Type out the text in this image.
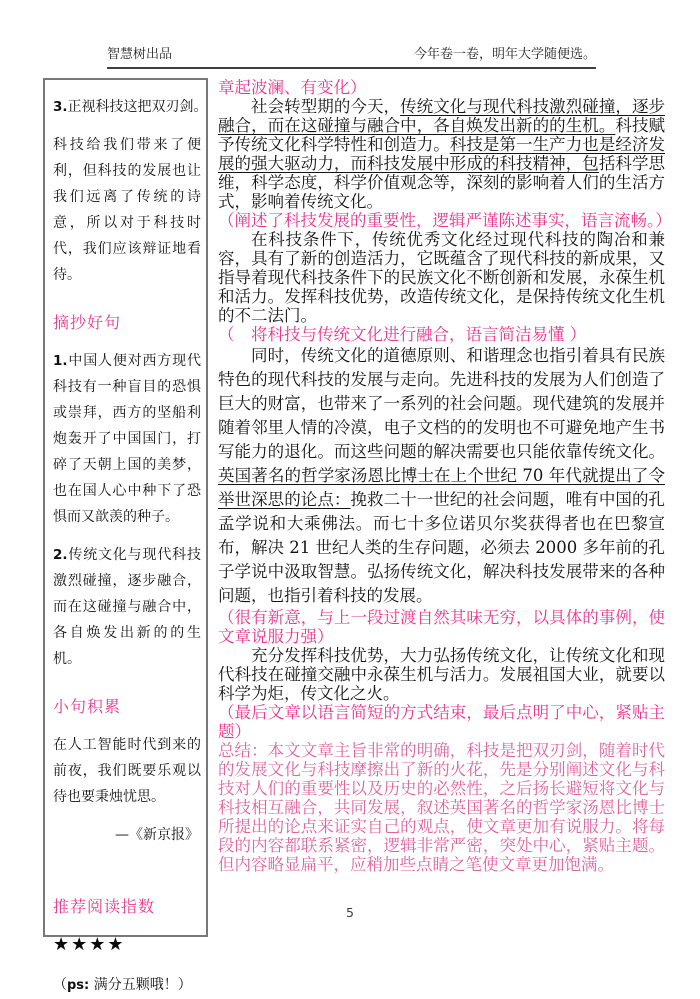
智慧树出品	今年卷一卷，明年大学随便选。

3.正视科技这把双刃剑。

科技给我们带来了便利，但科技的发展也让我们远离了传统的诗意，所以对于科技时代，我们应该辩证地看待。

摘抄好句

1.中国人便对西方现代科技有一种盲目的恐惧或崇拜，西方的坚船利炮轰开了中国国门，打碎了天朝上国的美梦，也在国人心中种下了恐惧而又歆羡的种子。

2.传统文化与现代科技激烈碰撞，逐步融合，而在这碰撞与融合中，各自焕发出新的的生机。

小句积累

在人工智能时代到来的前夜，我们既要乐观以待也要秉烛忧思。

—《新京报》

推荐阅读指数
★★★★

（ps: 满分五颗哦！）

章起波澜、有变化）

社会转型期的今天，传统文化与现代科技激烈碰撞，逐步融合，而在这碰撞与融合中，各自焕发出新的的生机。科技赋予传统文化科学特性和创造力。科技是第一生产力也是经济发展的强大驱动力，而科技发展中形成的科技精神，包括科学思维，科学态度，科学价值观念等，深刻的影响着人们的生活方式，影响着传统文化。

（阐述了科技发展的重要性，逻辑严谨陈述事实，语言流畅。）

在科技条件下，传统优秀文化经过现代科技的陶冶和兼容，具有了新的创造活力，它既蕴含了现代科技的新成果，又指导着现代科技条件下的民族文化不断创新和发展，永葆生机和活力。发挥科技优势，改造传统文化，是保持传统文化生机的不二法门。

（　将科技与传统文化进行融合，语言简洁易懂 ）

同时，传统文化的道德原则、和谐理念也指引着具有民族特色的现代科技的发展与走向。先进科技的发展为人们创造了巨大的财富，也带来了一系列的社会问题。现代建筑的发展并随着邻里人情的冷漠，电子文档的的发明也不可避免地产生书写能力的退化。而这些问题的解决需要也只能依靠传统文化。英国著名的哲学家汤恩比博士在上个世纪 70 年代就提出了令举世深思的论点：挽救二十一世纪的社会问题，唯有中国的孔孟学说和大乘佛法。而七十多位诺贝尔奖获得者也在巴黎宣布，解决 21 世纪人类的生存问题，必须去 2000 多年前的孔子学说中汲取智慧。弘扬传统文化，解决科技发展带来的各种问题，也指引着科技的发展。

（很有新意，与上一段过渡自然其味无穷，以具体的事例，使文章说服力强）

充分发挥科技优势，大力弘扬传统文化，让传统文化和现代科技在碰撞交融中永葆生机与活力。发展祖国大业，就要以科学为炬，传文化之火。

（最后文章以语言简短的方式结束，最后点明了中心，紧贴主题）

总结：本文文章主旨非常的明确，科技是把双刃剑，随着时代的发展文化与科技摩擦出了新的火花，先是分别阐述文化与科技对人们的重要性以及历史的必然性，之后扬长避短将文化与科技相互融合，共同发展，叙述英国著名的哲学家汤恩比博士所提出的论点来证实自己的观点，使文章更加有说服力。将每段的内容都联系紧密，逻辑非常严密，突处中心，紧贴主题。但内容略显扁平，应稍加些点睛之笔使文章更加饱满。

5
